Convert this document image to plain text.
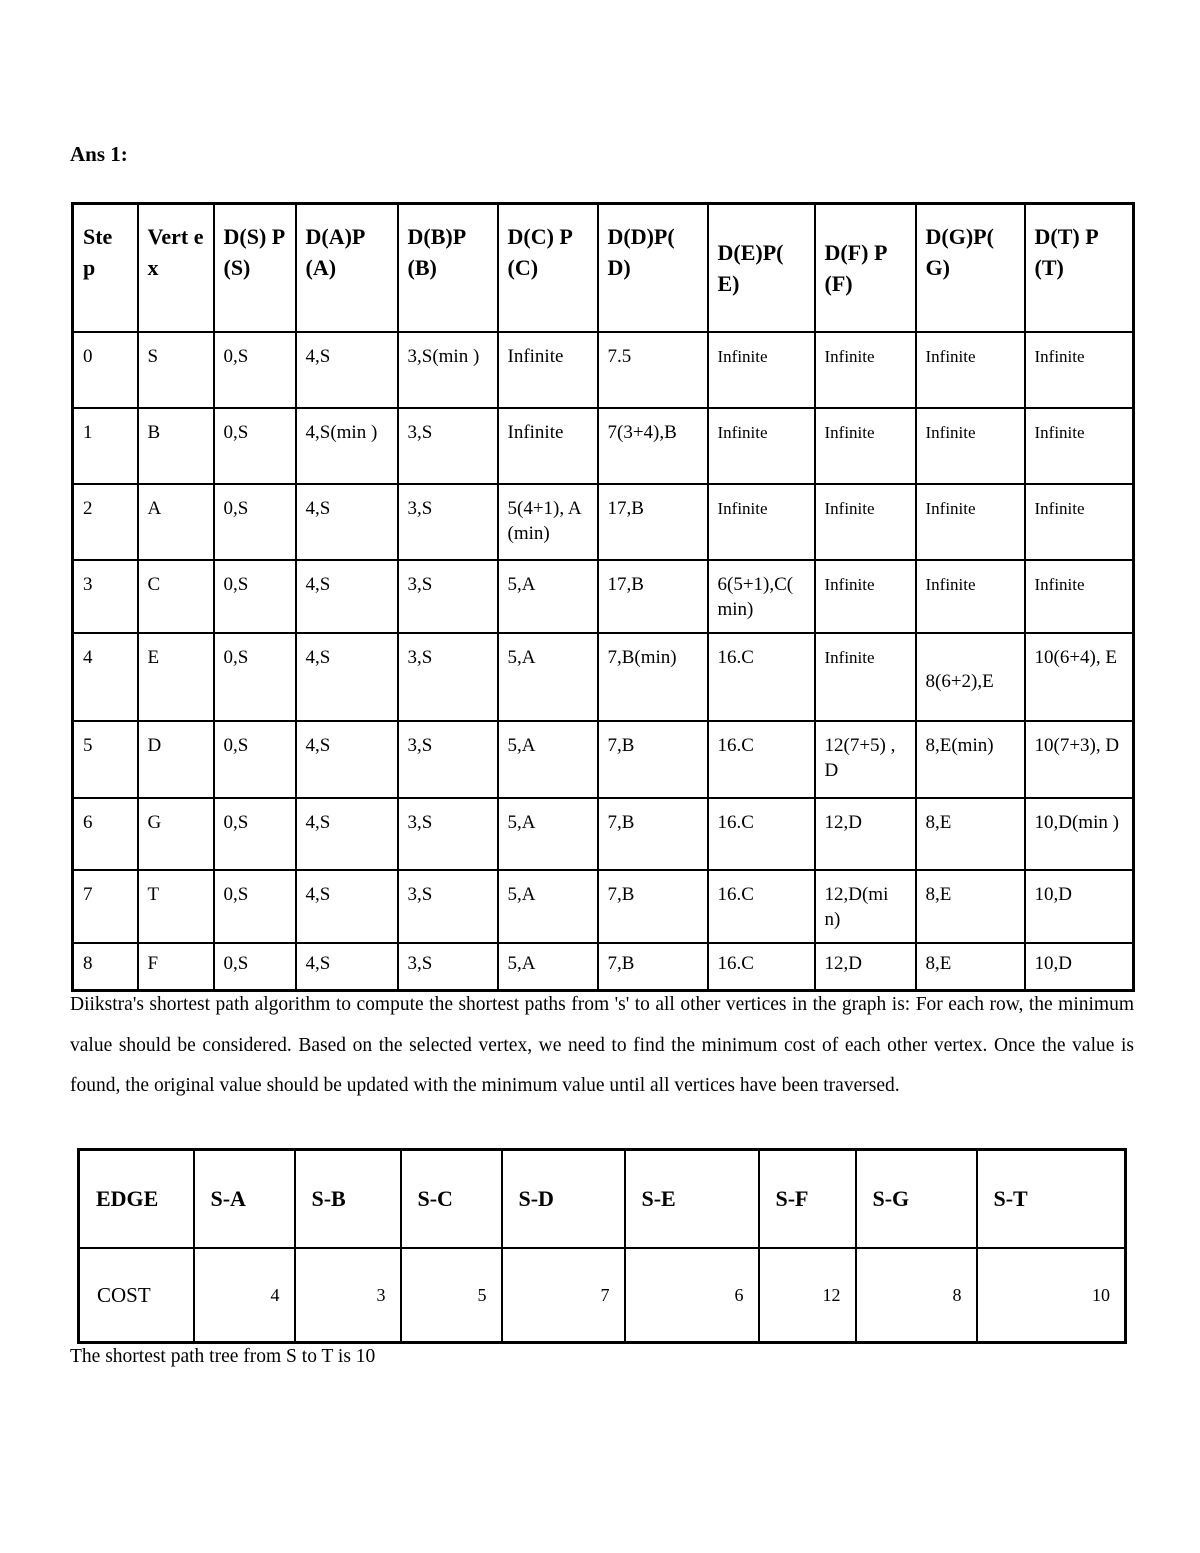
Ans 1:
Ste p	Vert ex	D(S) P(S)	D(A)P (A)	D(B)P (B)	D(C) P(C)	D(D)P( D)	D(E)P( E)	D(F) P(F)	D(G)P( G)	D(T) P(T)
0	S	0,S	4,S	3,S(min )	Infinite	7.5	Infinite	Infinite	Infinite	Infinite
1	B	0,S	4,S(min )	3,S	Infinite	7(3+4),B	Infinite	Infinite	Infinite	Infinite
2	A	0,S	4,S	3,S	5(4+1), A(min)	17,B	Infinite	Infinite	Infinite	Infinite
3	C	0,S	4,S	3,S	5,A	17,B	6(5+1),C( min)	Infinite	Infinite	Infinite
4	E	0,S	4,S	3,S	5,A	7,B(min)	16.C	Infinite	8(6+2),E	10(6+4), E
5	D	0,S	4,S	3,S	5,A	7,B	16.C	12(7+5) ,D	8,E(min)	10(7+3), D
6	G	0,S	4,S	3,S	5,A	7,B	16.C	12,D	8,E	10,D(min )
7	T	0,S	4,S	3,S	5,A	7,B	16.C	12,D(mi n)	8,E	10,D
8	F	0,S	4,S	3,S	5,A	7,B	16.C	12,D	8,E	10,D

Diikstra's shortest path algorithm to compute the shortest paths from 's' to all other vertices in the graph is: For each row, the minimum value should be considered. Based on the selected vertex, we need to find the minimum cost of each other vertex. Once the value is found, the original value should be updated with the minimum value until all vertices have been traversed.

EDGE	S-A	S-B	S-C	S-D	S-E	S-F	S-G	S-T
COST	4	3	5	7	6	12	8	10

The shortest path tree from S to T is 10
